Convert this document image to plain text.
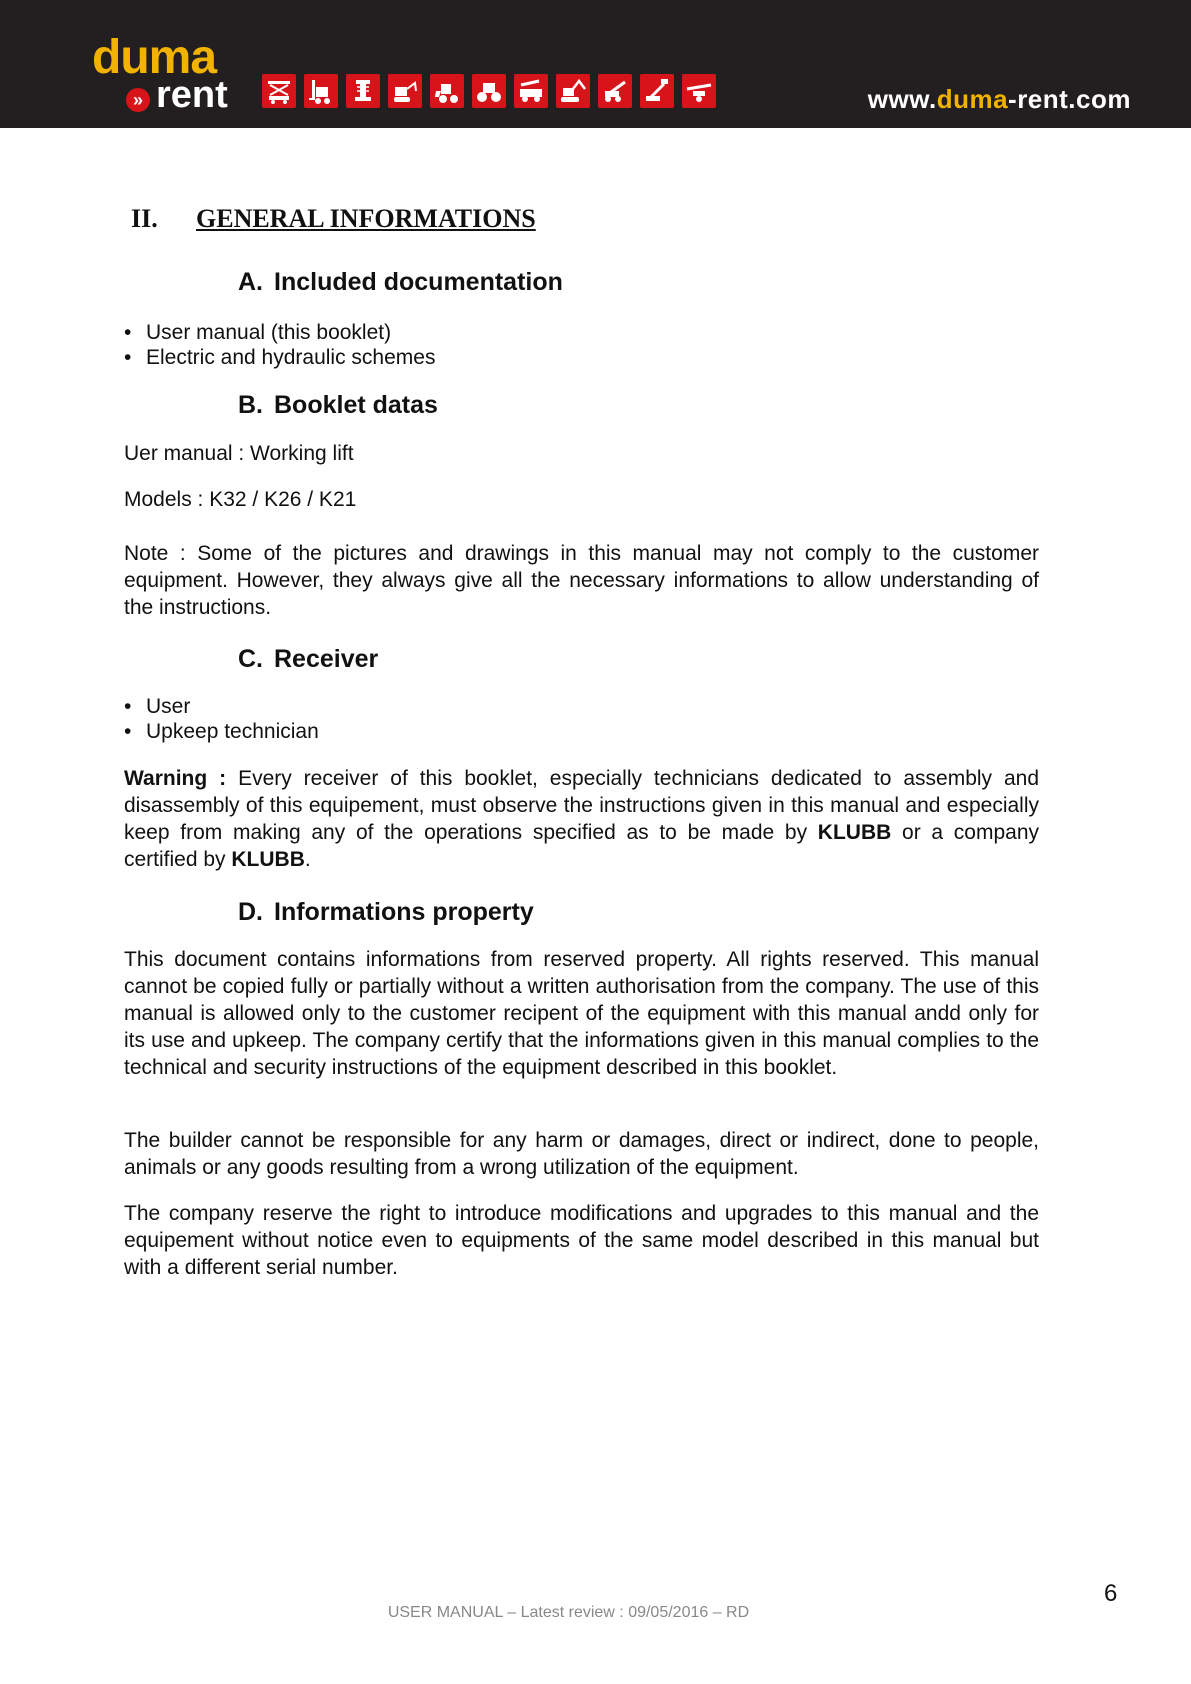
duma
» rent	www.duma-rent.com
II. GENERAL INFORMATIONS
A. Included documentation
• User manual (this booklet)
• Electric and hydraulic schemes
B. Booklet datas
Uer manual : Working lift
Models : K32 / K26 / K21

Note : Some of the pictures and drawings in this manual may not comply to the customer equipment. However, they always give all the necessary informations to allow understanding of the instructions.

C. Receiver
• User
• Upkeep technician

Warning : Every receiver of this booklet, especially technicians dedicated to assembly and disassembly of this equipement, must observe the instructions given in this manual and especially keep from making any of the operations specified as to be made by KLUBB or a company certified by KLUBB.

D. Informations property

This document contains informations from reserved property. All rights reserved. This manual cannot be copied fully or partially without a written authorisation from the company. The use of this manual is allowed only to the customer recipent of the equipment with this manual andd only for its use and upkeep. The company certify that the informations given in this manual complies to the technical and security instructions of the equipment described in this booklet.

The builder cannot be responsible for any harm or damages, direct or indirect, done to people, animals or any goods resulting from a wrong utilization of the equipment.

The company reserve the right to introduce modifications and upgrades to this manual and the equipement without notice even to equipments of the same model described in this manual but with a different serial number.

USER MANUAL – Latest review : 09/05/2016 – RD
6
